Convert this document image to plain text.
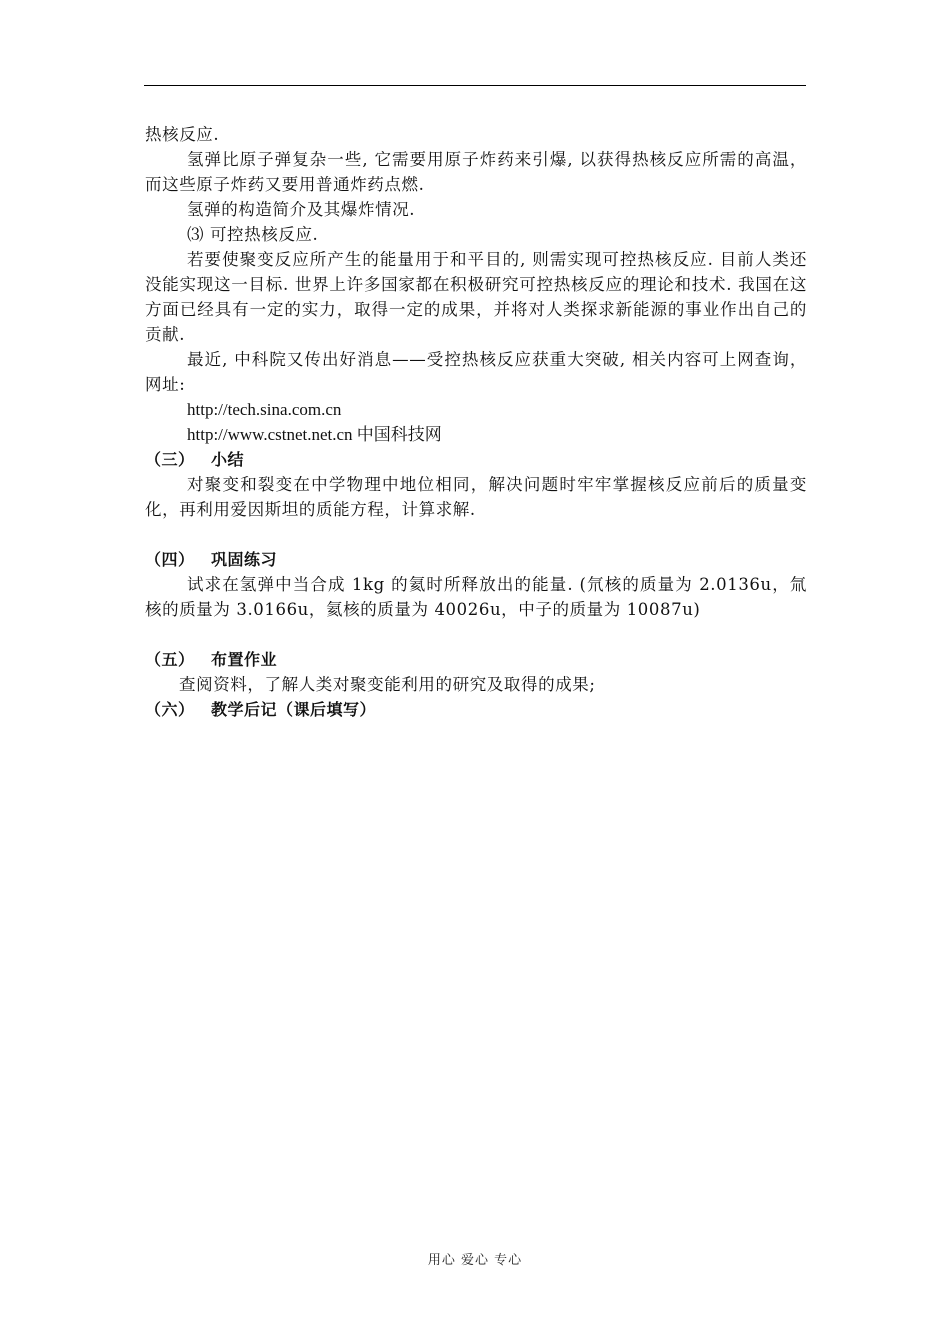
热核反应.

氢弹比原子弹复杂一些, 它需要用原子炸药来引爆, 以获得热核反应所需的高温，而这些原子炸药又要用普通炸药点燃.

氢弹的构造简介及其爆炸情况.

⑶ 可控热核反应.

若要使聚变反应所产生的能量用于和平目的, 则需实现可控热核反应. 目前人类还没能实现这一目标. 世界上许多国家都在积极研究可控热核反应的理论和技术. 我国在这方面已经具有一定的实力，取得一定的成果，并将对人类探求新能源的事业作出自己的贡献.

最近, 中科院又传出好消息——受控热核反应获重大突破, 相关内容可上网查询，网址:

http://tech.sina.com.cn

http://www.cstnet.net.cn 中国科技网

（三） 小结

对聚变和裂变在中学物理中地位相同，解决问题时牢牢掌握核反应前后的质量变化，再利用爱因斯坦的质能方程，计算求解.

（四） 巩固练习

试求在氢弹中当合成 1kg 的氦时所释放出的能量. (氘核的质量为 2.0136u，氚核的质量为 3.0166u，氦核的质量为 40026u，中子的质量为 10087u)

（五） 布置作业

查阅资料，了解人类对聚变能利用的研究及取得的成果;

（六） 教学后记（课后填写）

用心 爱心 专心
